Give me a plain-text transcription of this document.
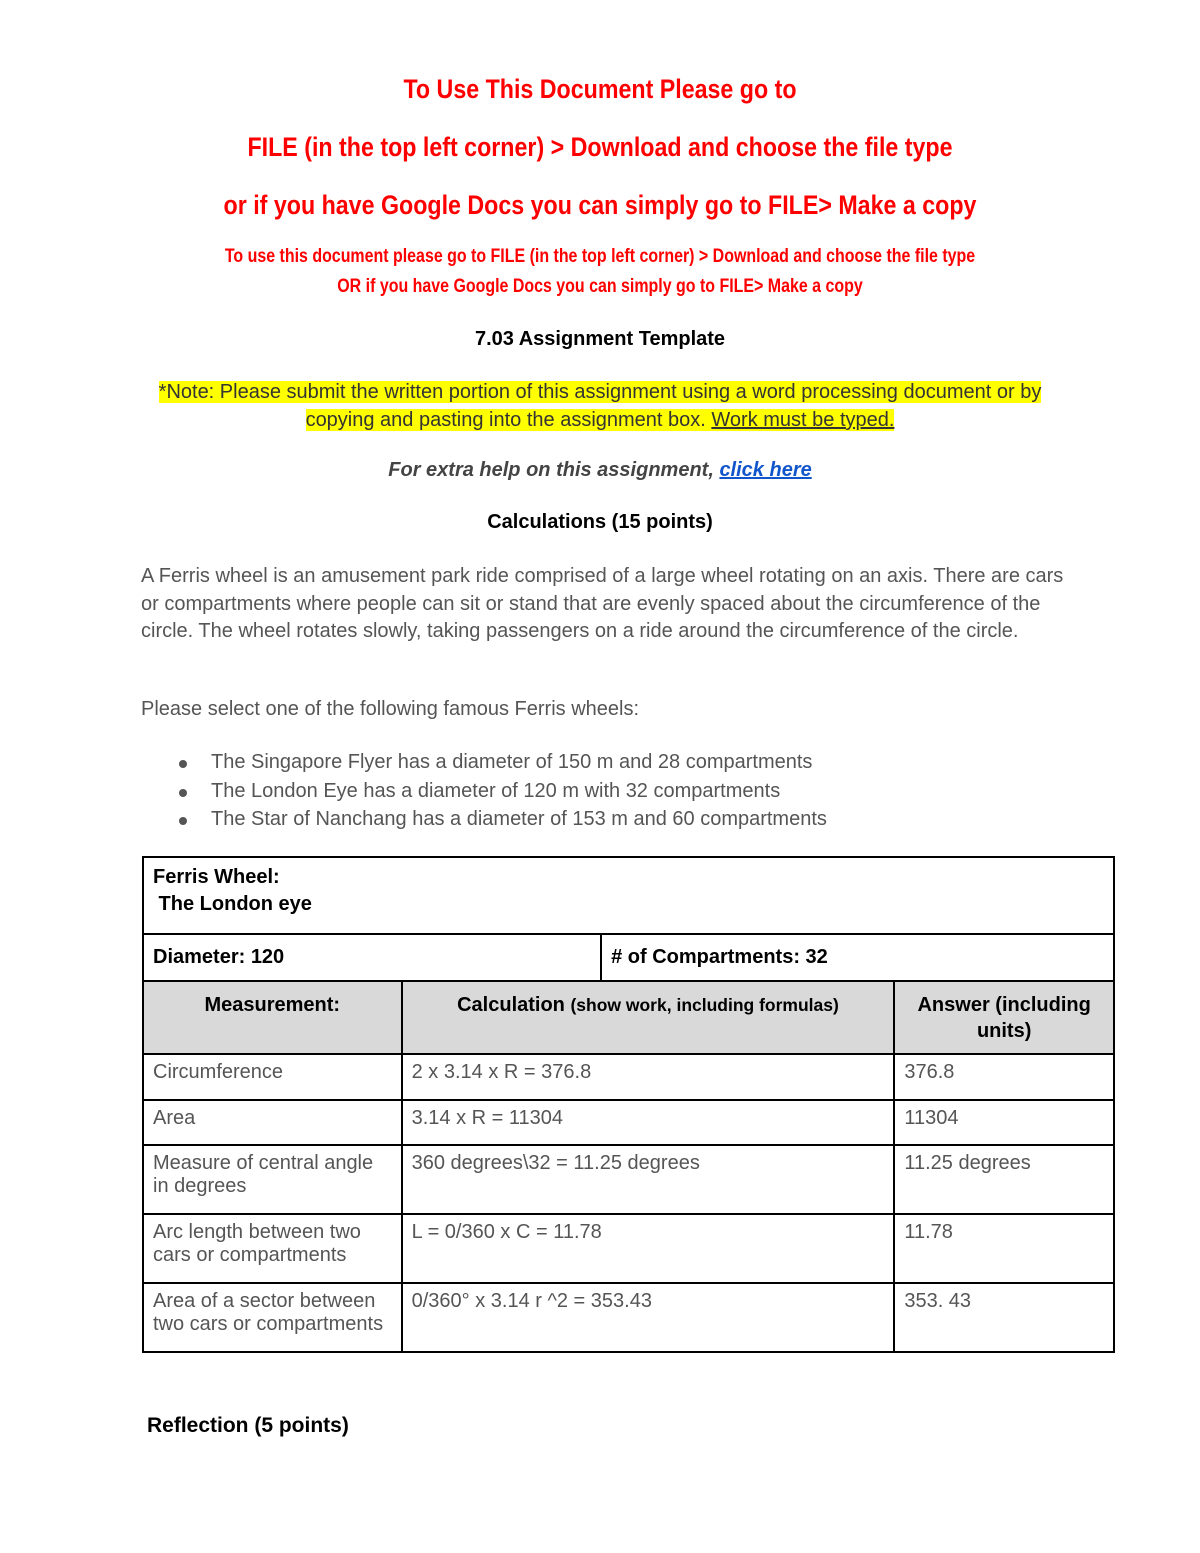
To Use This Document Please go to
FILE (in the top left corner) > Download and choose the file type
or if you have Google Docs you can simply go to FILE> Make a copy
To use this document please go to FILE (in the top left corner) > Download and choose the file type
OR if you have Google Docs you can simply go to FILE> Make a copy
7.03 Assignment Template
*Note: Please submit the written portion of this assignment using a word processing document or by copying and pasting into the assignment box. Work must be typed.
For extra help on this assignment, click here
Calculations (15 points)
A Ferris wheel is an amusement park ride comprised of a large wheel rotating on an axis. There are cars or compartments where people can sit or stand that are evenly spaced about the circumference of the circle. The wheel rotates slowly, taking passengers on a ride around the circumference of the circle.
Please select one of the following famous Ferris wheels:
The Singapore Flyer has a diameter of 150 m and 28 compartments
The London Eye has a diameter of 120 m with 32 compartments
The Star of Nanchang has a diameter of 153 m and 60 compartments
Ferris Wheel:
The London eye			

Diameter: 120		# of Compartments: 32	
Measurement:	Calculation (show work, including formulas)		Answer (including units)
Circumference	2 x 3.14 x R = 376.8		376.8
Area	3.14 x R = 11304		11304
Measure of central angle in degrees	360 degrees\32 = 11.25 degrees		11.25 degrees
Arc length between two cars or compartments	L = 0/360 x C = 11.78		11.78
Area of a sector between two cars or compartments	0/360° x 3.14 r ^2 = 353.43		353. 43
Reflection (5 points)
